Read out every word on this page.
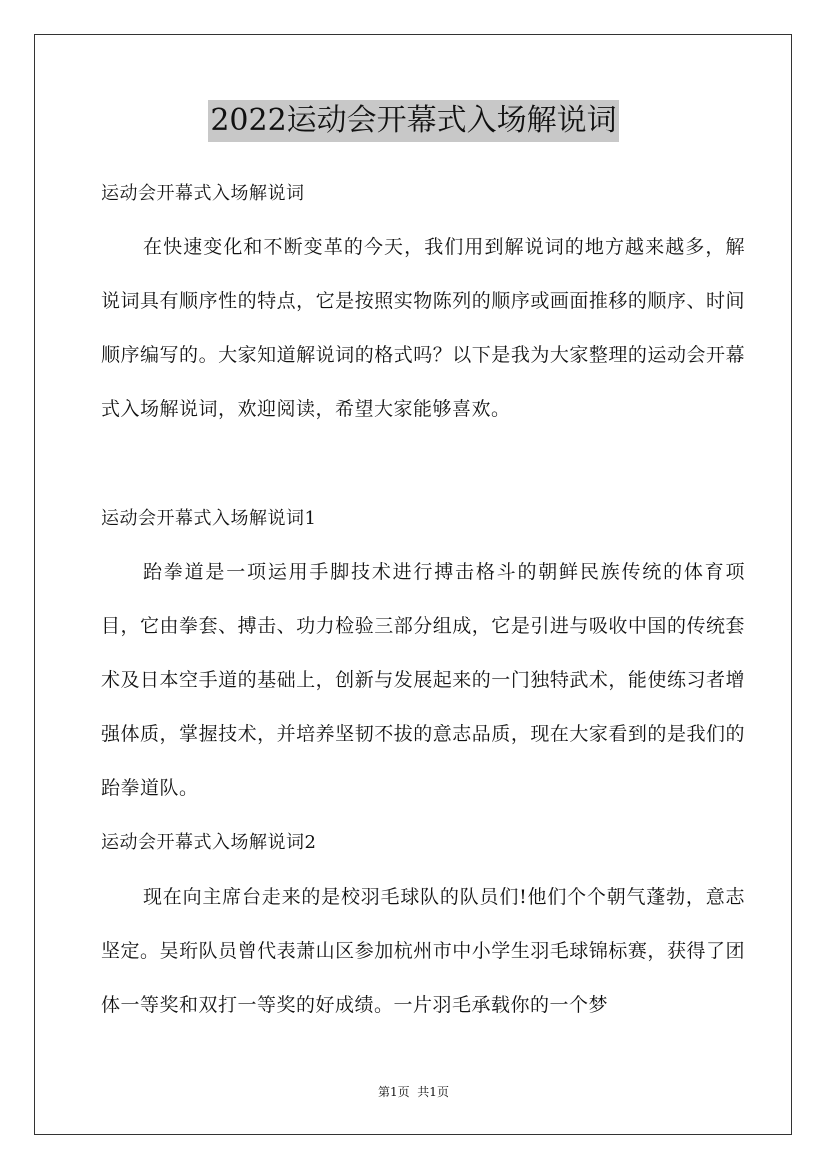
2022运动会开幕式入场解说词
运动会开幕式入场解说词
在快速变化和不断变革的今天，我们用到解说词的地方越来越多，解说词具有顺序性的特点，它是按照实物陈列的顺序或画面推移的顺序、时间顺序编写的。大家知道解说词的格式吗？以下是我为大家整理的运动会开幕式入场解说词，欢迎阅读，希望大家能够喜欢。
运动会开幕式入场解说词1
跆拳道是一项运用手脚技术进行搏击格斗的朝鲜民族传统的体育项目，它由拳套、搏击、功力检验三部分组成，它是引进与吸收中国的传统套术及日本空手道的基础上，创新与发展起来的一门独特武术，能使练习者增强体质，掌握技术，并培养坚韧不拔的意志品质，现在大家看到的是我们的跆拳道队。
运动会开幕式入场解说词2
现在向主席台走来的是校羽毛球队的队员们!他们个个朝气蓬勃，意志坚定。吴珩队员曾代表萧山区参加杭州市中小学生羽毛球锦标赛，获得了团体一等奖和双打一等奖的好成绩。一片羽毛承载你的一个梦
第1页  共1页
